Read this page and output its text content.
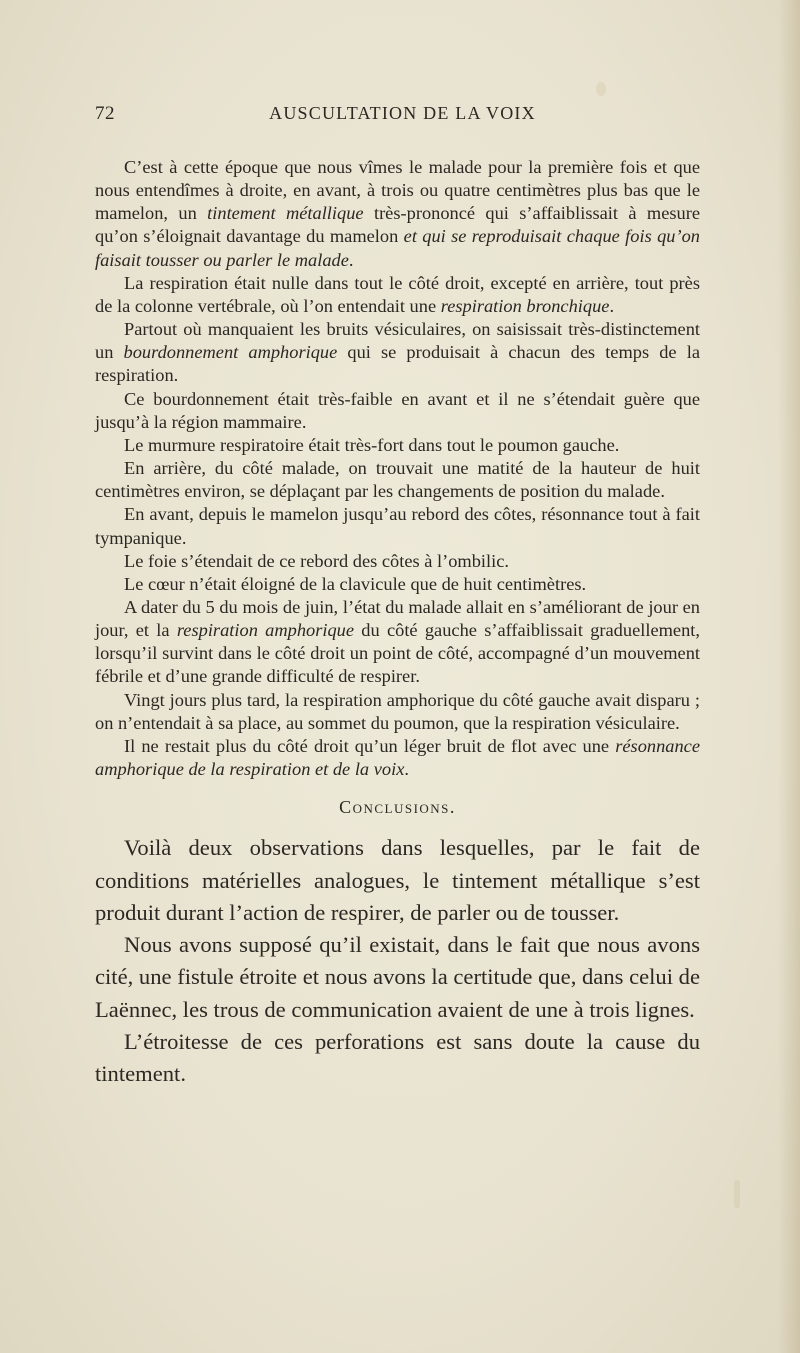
72	AUSCULTATION DE LA VOIX

C’est à cette époque que nous vîmes le malade pour la première fois et que nous entendîmes à droite, en avant, à trois ou quatre centimètres plus bas que le mamelon, un tintement métallique très-prononcé qui s’affaiblissait à mesure qu’on s’éloignait davantage du mamelon et qui se reproduisait chaque fois qu’on faisait tousser ou parler le malade.

La respiration était nulle dans tout le côté droit, excepté en arrière, tout près de la colonne vertébrale, où l’on entendait une respiration bronchique.

Partout où manquaient les bruits vésiculaires, on saisissait très-distinctement un bourdonnement amphorique qui se produisait à chacun des temps de la respiration.

Ce bourdonnement était très-faible en avant et il ne s’étendait guère que jusqu’à la région mammaire.

Le murmure respiratoire était très-fort dans tout le poumon gauche.

En arrière, du côté malade, on trouvait une matité de la hauteur de huit centimètres environ, se déplaçant par les changements de position du malade.

En avant, depuis le mamelon jusqu’au rebord des côtes, résonnance tout à fait tympanique.

Le foie s’étendait de ce rebord des côtes à l’ombilic.

Le cœur n’était éloigné de la clavicule que de huit centimètres.

A dater du 5 du mois de juin, l’état du malade allait en s’améliorant de jour en jour, et la respiration amphorique du côté gauche s’affaiblissait graduellement, lorsqu’il survint dans le côté droit un point de côté, accompagné d’un mouvement fébrile et d’une grande difficulté de respirer.

Vingt jours plus tard, la respiration amphorique du côté gauche avait disparu ; on n’entendait à sa place, au sommet du poumon, que la respiration vésiculaire.

Il ne restait plus du côté droit qu’un léger bruit de flot avec une résonnance amphorique de la respiration et de la voix.

Conclusions.

Voilà deux observations dans lesquelles, par le fait de conditions matérielles analogues, le tintement métallique s’est produit durant l’action de respirer, de parler ou de tousser.

Nous avons supposé qu’il existait, dans le fait que nous avons cité, une fistule étroite et nous avons la certitude que, dans celui de Laënnec, les trous de communication avaient de une à trois lignes.

L’étroitesse de ces perforations est sans doute la cause du tintement.
